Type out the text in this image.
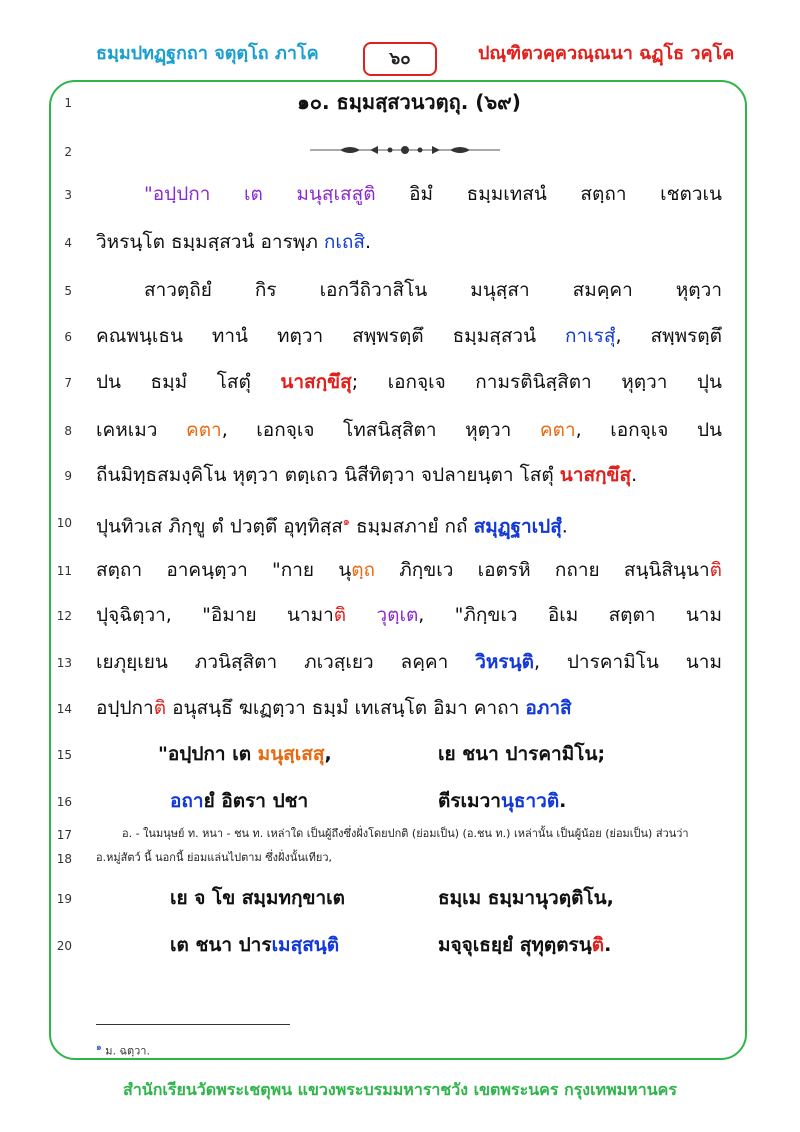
ธมฺมปทฏฺฐกถา จตุตฺโถ ภาโค	๖๐	ปณฺฑิตวคฺควณฺณนา ฉฏฺโธ วคฺโค
1
2
3
4
5
6
7
8
9
10
11
12
13
14
15
16
17
18
19
20
๑๐. ธมฺมสฺสวนวตฺถุ. (๖๙)
"อปฺปกา เต มนุสฺเสสูติ อิมํ ธมฺมเทสนํ สตฺถา เชตวเน
วิหรนฺโต ธมฺมสฺสวนํ อารพฺภ กเถสิ.
สาวตฺถิยํ กิร เอกวีถิวาสิโน มนุสฺสา สมคฺคา หุตฺวา
คณพนฺเธน ทานํ ทตฺวา สพฺพรตฺตึ ธมฺมสฺสวนํ กาเรสุํ, สพฺพรตฺตึ
ปน ธมฺมํ โสตุํ นาสกฺขึสุ; เอกจฺเจ กามรตินิสฺสิตา หุตฺวา ปุน
เคหเมว คตา, เอกจฺเจ โทสนิสฺสิตา หุตฺวา คตา, เอกจฺเจ ปน
ถีนมิทฺธสมงฺคิโน หุตฺวา ตตฺเถว นิสีทิตฺวา จปลายนฺตา โสตุํ นาสกฺขึสุ.
ปุนทิวเส ภิกฺขู ตํ ปวตฺตึ อุทฺทิสฺส$^๑$ ธมฺมสภายํ กถํ สมุฏฺฐาเปสุํ.
สตฺถา อาคนฺตฺวา "กาย นุตฺถ ภิกฺขเว เอตรหิ กถาย สนฺนิสินฺนาติ
ปุจฺฉิตฺวา, "อิมาย นามาติ วุตฺเต, "ภิกฺขเว อิเม สตฺตา นาม
เยภุยฺเยน ภวนิสฺสิตา ภเวสฺเยว ลคฺคา วิหรนฺติ, ปารคามิโน นาม
อปฺปกาติ อนุสนฺธึ ฆเฏตฺวา ธมฺมํ เทเสนฺโต อิมา คาถา อภาสิ
"อปฺปกา เต มนุสฺเสสุ,	เย ชนา ปารคามิโน;
อถายํ อิตรา ปชา	ตีรเมวานุธาวติ.
อ. - ในมนุษย์ ท. หนา - ชน ท. เหล่าใด เป็นผู้ถึงซึ่งฝั่งโดยปกติ (ย่อมเป็น) (อ.ชน ท.) เหล่านั้น เป็นผู้น้อย (ย่อมเป็น) ส่วนว่า
อ.หมู่สัตว์ นี้ นอกนี้ ย่อมแล่นไปตาม ซึ่งฝั่งนั้นเทียว,
เย จ โข สมฺมทกฺขาเต	ธมฺเม ธมฺมานุวตฺติโน,
เต ชนา ปารเมสฺสนฺติ	มจฺจุเธยฺยํ สุทุตฺตรนฺติ.
$^๑$ ม. ฉตฺวา.
สำนักเรียนวัดพระเชตุพน แขวงพระบรมมหาราชวัง เขตพระนคร กรุงเทพมหานคร
